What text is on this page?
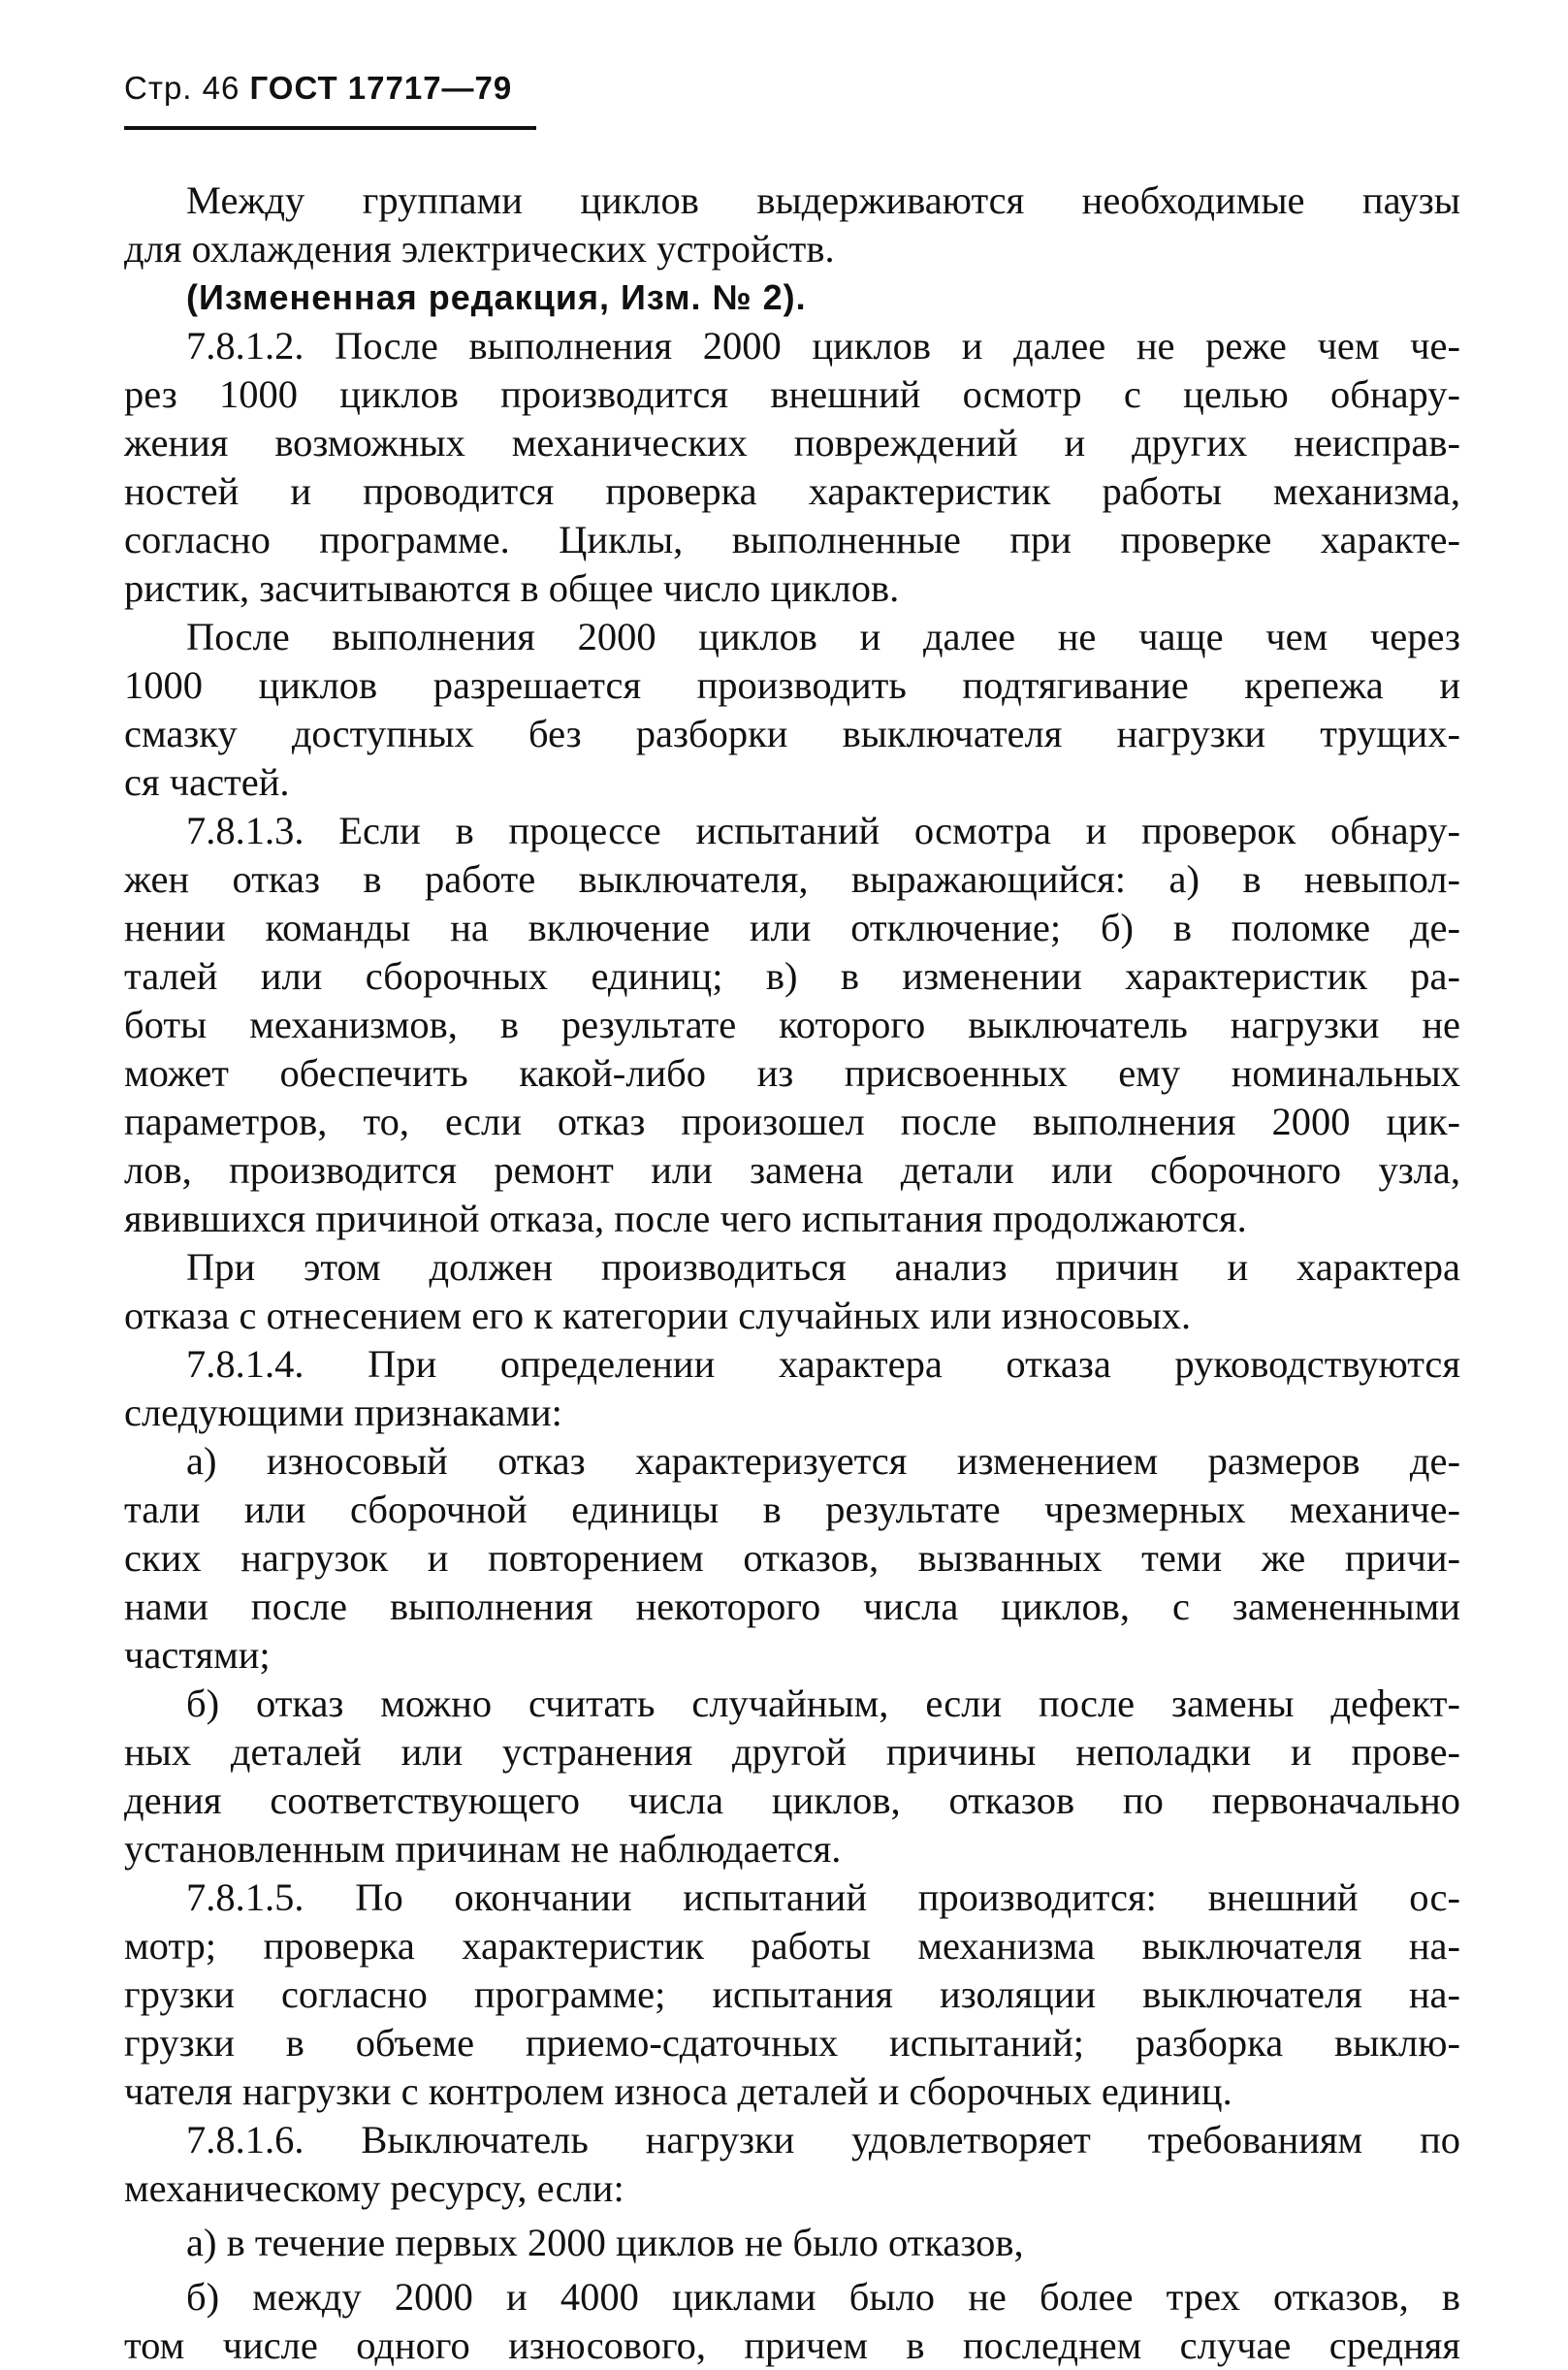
Стр. 46 ГОСТ 17717—79
Между группами циклов выдерживаются необходимые паузы
для охлаждения электрических устройств.
(Измененная редакция, Изм. № 2).
7.8.1.2. После выполнения 2000 циклов и далее не реже чем че-
рез 1000 циклов производится внешний осмотр с целью обнару-
жения возможных механических повреждений и других неисправ-
ностей и проводится проверка характеристик работы механизма,
согласно программе. Циклы, выполненные при проверке характе-
ристик, засчитываются в общее число циклов.
После выполнения 2000 циклов и далее не чаще чем через
1000 циклов разрешается производить подтягивание крепежа и
смазку доступных без разборки выключателя нагрузки трущих-
ся частей.
7.8.1.3. Если в процессе испытаний осмотра и проверок обнару-
жен отказ в работе выключателя, выражающийся: а) в невыпол-
нении команды на включение или отключение; б) в поломке де-
талей или сборочных единиц; в) в изменении характеристик ра-
боты механизмов, в результате которого выключатель нагрузки не
может обеспечить какой-либо из присвоенных ему номинальных
параметров, то, если отказ произошел после выполнения 2000 цик-
лов, производится ремонт или замена детали или сборочного узла,
явившихся причиной отказа, после чего испытания продолжаются.
При этом должен производиться анализ причин и характера
отказа с отнесением его к категории случайных или износовых.
7.8.1.4. При определении характера отказа руководствуются
следующими признаками:
а) износовый отказ характеризуется изменением размеров де-
тали или сборочной единицы в результате чрезмерных механиче-
ских нагрузок и повторением отказов, вызванных теми же причи-
нами после выполнения некоторого числа циклов, с замененными
частями;
б) отказ можно считать случайным, если после замены дефект-
ных деталей или устранения другой причины неполадки и прове-
дения соответствующего числа циклов, отказов по первоначально
установленным причинам не наблюдается.
7.8.1.5. По окончании испытаний производится: внешний ос-
мотр; проверка характеристик работы механизма выключателя на-
грузки согласно программе; испытания изоляции выключателя на-
грузки в объеме приемо-сдаточных испытаний; разборка выклю-
чателя нагрузки с контролем износа деталей и сборочных единиц.
7.8.1.6. Выключатель нагрузки удовлетворяет требованиям по
механическому ресурсу, если:
а) в течение первых 2000 циклов не было отказов,
б) между 2000 и 4000 циклами было не более трех отказов, в
том числе одного износового, причем в последнем случае средняя
